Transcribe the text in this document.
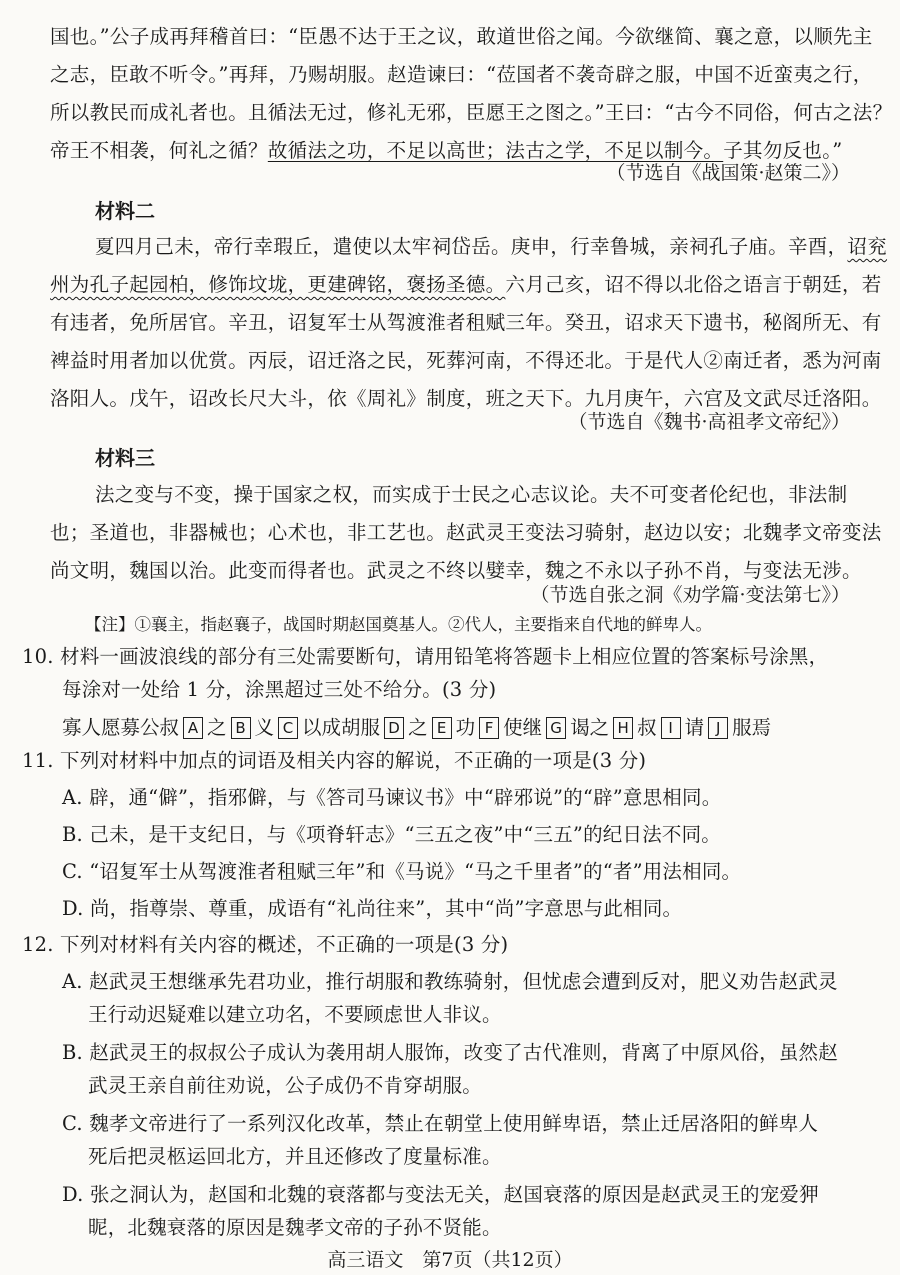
国也。”公子成再拜稽首曰：“臣愚不达于王之议，敢道世俗之闻。今欲继简、襄之意，以顺先主
之志，臣敢不听令。”再拜，乃赐胡服。赵造谏曰：“莅国者不袭奇辟之服，中国不近蛮夷之行，
所以教民而成礼者也。且循法无过，修礼无邪，臣愿王之图之。”王曰：“古今不同俗，何古之法？
帝王不相袭，何礼之循？故循法之功，不足以高世；法古之学，不足以制今。子其勿反也。”
（节选自《战国策·赵策二》）
材料二
夏四月己未，帝行幸瑕丘，遣使以太牢祠岱岳。庚申，行幸鲁城，亲祠孔子庙。辛酉，诏兖
州为孔子起园柏，修饰坟垅，更建碑铭，褒扬圣德。六月己亥，诏不得以北俗之语言于朝廷，若
有违者，免所居官。辛丑，诏复军士从驾渡淮者租赋三年。癸丑，诏求天下遗书，秘阁所无、有
裨益时用者加以优赏。丙辰，诏迁洛之民，死葬河南，不得还北。于是代人②南迁者，悉为河南
洛阳人。戊午，诏改长尺大斗，依《周礼》制度，班之天下。九月庚午，六宫及文武尽迁洛阳。
（节选自《魏书·高祖孝文帝纪》）
材料三
法之变与不变，操于国家之权，而实成于士民之心志议论。夫不可变者伦纪也，非法制
也；圣道也，非器械也；心术也，非工艺也。赵武灵王变法习骑射，赵边以安；北魏孝文帝变法
尚文明，魏国以治。此变而得者也。武灵之不终以嬖幸，魏之不永以子孙不肖，与变法无涉。
（节选自张之洞《劝学篇·变法第七》）
【注】①襄主，指赵襄子，战国时期赵国奠基人。②代人，主要指来自代地的鲜卑人。
10. 材料一画波浪线的部分有三处需要断句，请用铅笔将答题卡上相应位置的答案标号涂黑，
每涂对一处给 1 分，涂黑超过三处不给分。(3 分)
寡人愿募公叔 A 之 B 义 C 以成胡服 D 之 E 功 F 使继 G 谒之 H 叔 I 请 J 服焉
11. 下列对材料中加点的词语及相关内容的解说，不正确的一项是(3 分)
A. 辟，通“僻”，指邪僻，与《答司马谏议书》中“辟邪说”的“辟”意思相同。
B. 己未，是干支纪日，与《项脊轩志》“三五之夜”中“三五”的纪日法不同。
C. “诏复军士从驾渡淮者租赋三年”和《马说》“马之千里者”的“者”用法相同。
D. 尚，指尊崇、尊重，成语有“礼尚往来”，其中“尚”字意思与此相同。
12. 下列对材料有关内容的概述，不正确的一项是(3 分)
A. 赵武灵王想继承先君功业，推行胡服和教练骑射，但忧虑会遭到反对，肥义劝告赵武灵
王行动迟疑难以建立功名，不要顾虑世人非议。
B. 赵武灵王的叔叔公子成认为袭用胡人服饰，改变了古代准则，背离了中原风俗，虽然赵
武灵王亲自前往劝说，公子成仍不肯穿胡服。
C. 魏孝文帝进行了一系列汉化改革，禁止在朝堂上使用鲜卑语，禁止迁居洛阳的鲜卑人
死后把灵柩运回北方，并且还修改了度量标准。
D. 张之洞认为，赵国和北魏的衰落都与变法无关，赵国衰落的原因是赵武灵王的宠爱狎
昵，北魏衰落的原因是魏孝文帝的子孙不贤能。
高三语文　第7页（共12页）
